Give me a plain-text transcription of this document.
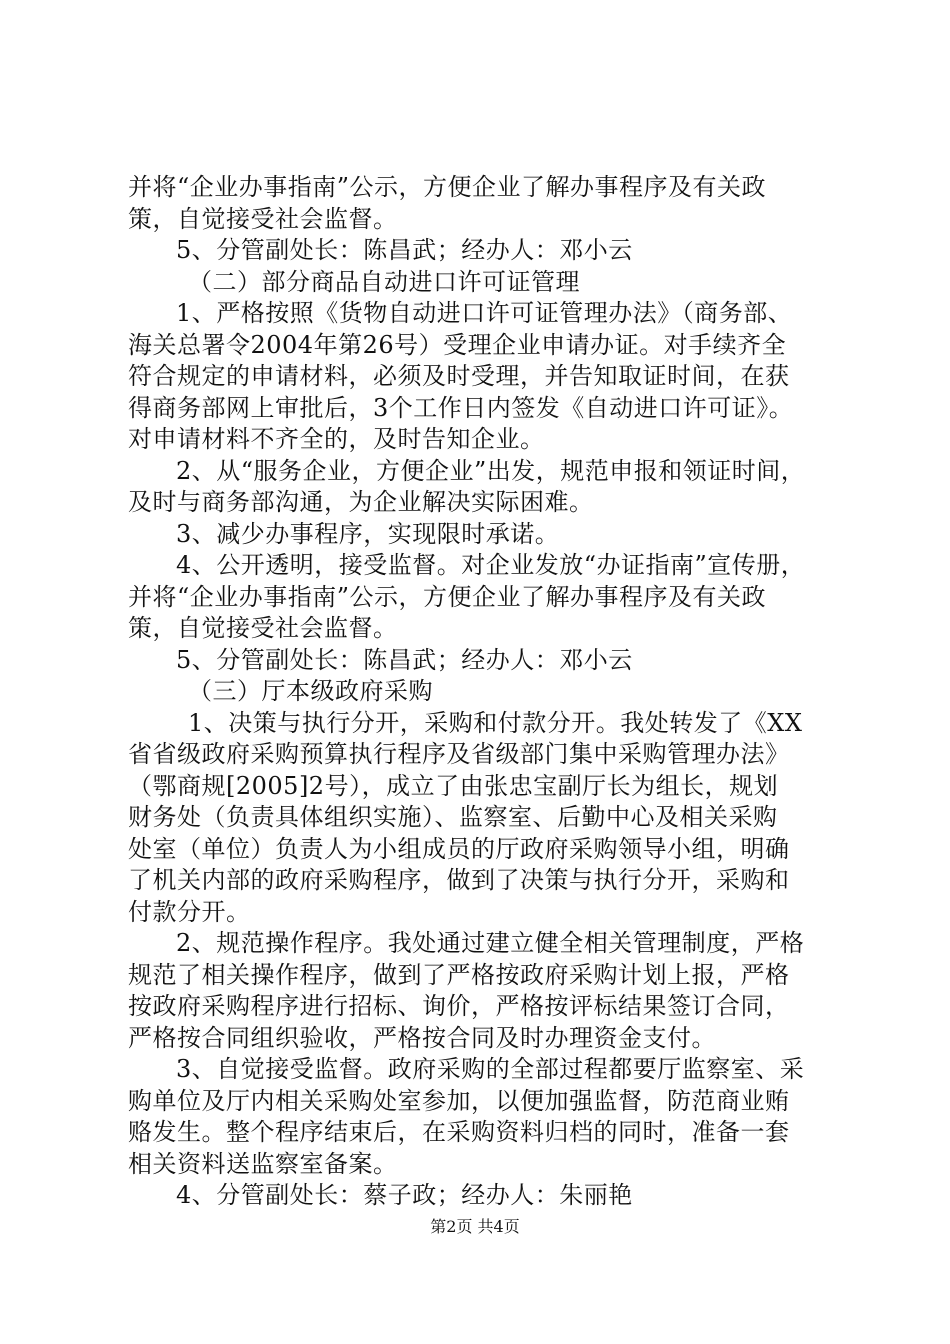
并将“企业办事指南”公示，方便企业了解办事程序及有关政
策，自觉接受社会监督。
5、分管副处长：陈昌武；经办人：邓小云
（二）部分商品自动进口许可证管理
1、严格按照《货物自动进口许可证管理办法》（商务部、
海关总署令2004年第26号）受理企业申请办证。对手续齐全
符合规定的申请材料，必须及时受理，并告知取证时间，在获
得商务部网上审批后，3个工作日内签发《自动进口许可证》。
对申请材料不齐全的，及时告知企业。
2、从“服务企业，方便企业”出发，规范申报和领证时间，
及时与商务部沟通，为企业解决实际困难。
3、减少办事程序，实现限时承诺。
4、公开透明，接受监督。对企业发放“办证指南”宣传册，
并将“企业办事指南”公示，方便企业了解办事程序及有关政
策，自觉接受社会监督。
5、分管副处长：陈昌武；经办人：邓小云
（三）厅本级政府采购
1、决策与执行分开，采购和付款分开。我处转发了《XX
省省级政府采购预算执行程序及省级部门集中采购管理办法》
（鄂商规[2005]2号），成立了由张忠宝副厅长为组长，规划
财务处（负责具体组织实施）、监察室、后勤中心及相关采购
处室（单位）负责人为小组成员的厅政府采购领导小组，明确
了机关内部的政府采购程序，做到了决策与执行分开，采购和
付款分开。
2、规范操作程序。我处通过建立健全相关管理制度，严格
规范了相关操作程序，做到了严格按政府采购计划上报，严格
按政府采购程序进行招标、询价，严格按评标结果签订合同，
严格按合同组织验收，严格按合同及时办理资金支付。
3、自觉接受监督。政府采购的全部过程都要厅监察室、采
购单位及厅内相关采购处室参加，以便加强监督，防范商业贿
赂发生。整个程序结束后，在采购资料归档的同时，准备一套
相关资料送监察室备案。
4、分管副处长：蔡子政；经办人：朱丽艳
第2页 共4页
